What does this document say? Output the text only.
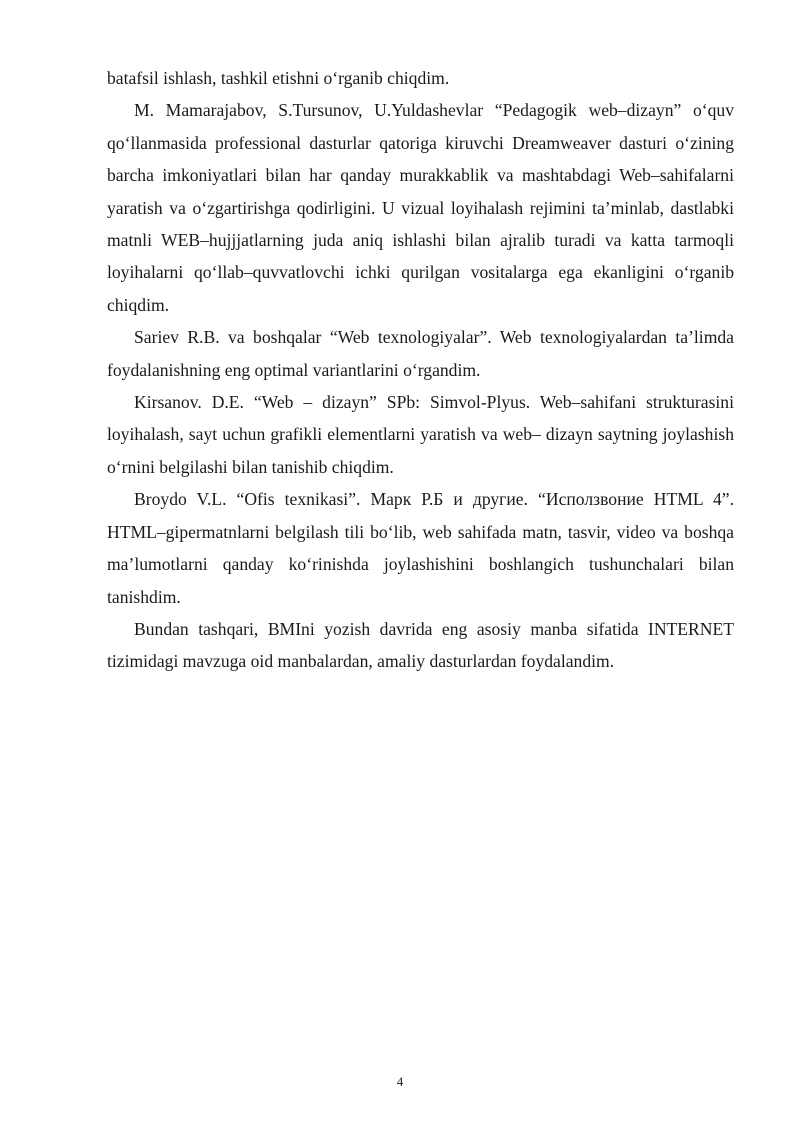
batafsil ishlash, tashkil etishni o‘rganib chiqdim.

M. Mamarajabov, S.Tursunov, U.Yuldashevlar “Pedagogik web–dizayn” o‘quv qo‘llanmasida professional dasturlar qatoriga kiruvchi Dreamweaver dasturi o‘zining barcha imkoniyatlari bilan har qanday murakkablik va mashtabdagi Web–sahifalarni yaratish va o‘zgartirishga qodirligini. U vizual loyihalash rejimini ta’minlab, dastlabki matnli WEB–hujjjatlarning juda aniq ishlashi bilan ajralib turadi va katta tarmoqli loyihalarni qo‘llab–quvvatlovchi ichki qurilgan vositalarga ega ekanligini o‘rganib chiqdim.

Sariev R.B. va boshqalar “Web texnologiyalar”. Web texnologiyalardan ta’limda foydalanishning eng optimal variantlarini o‘rgandim.

Kirsanov. D.E. “Web – dizayn” SPb: Simvol-Plyus. Web–sahifani strukturasini loyihalash, sayt uchun grafikli elementlarni yaratish va web– dizayn saytning joylashish o‘rnini belgilashi bilan tanishib chiqdim.

Broydo V.L. “Ofis texnikasi”. Марк Р.Б и другие. “Исползвоние HTML 4”. HTML–gipermatnlarni belgilash tili bo‘lib, web sahifada matn, tasvir, video va boshqa ma’lumotlarni qanday ko‘rinishda joylashishini boshlangich tushunchalari bilan tanishdim.

Bundan tashqari, BMIni yozish davrida eng asosiy manba sifatida INTERNET tizimidagi mavzuga oid manbalardan, amaliy dasturlardan foydalandim.

4
